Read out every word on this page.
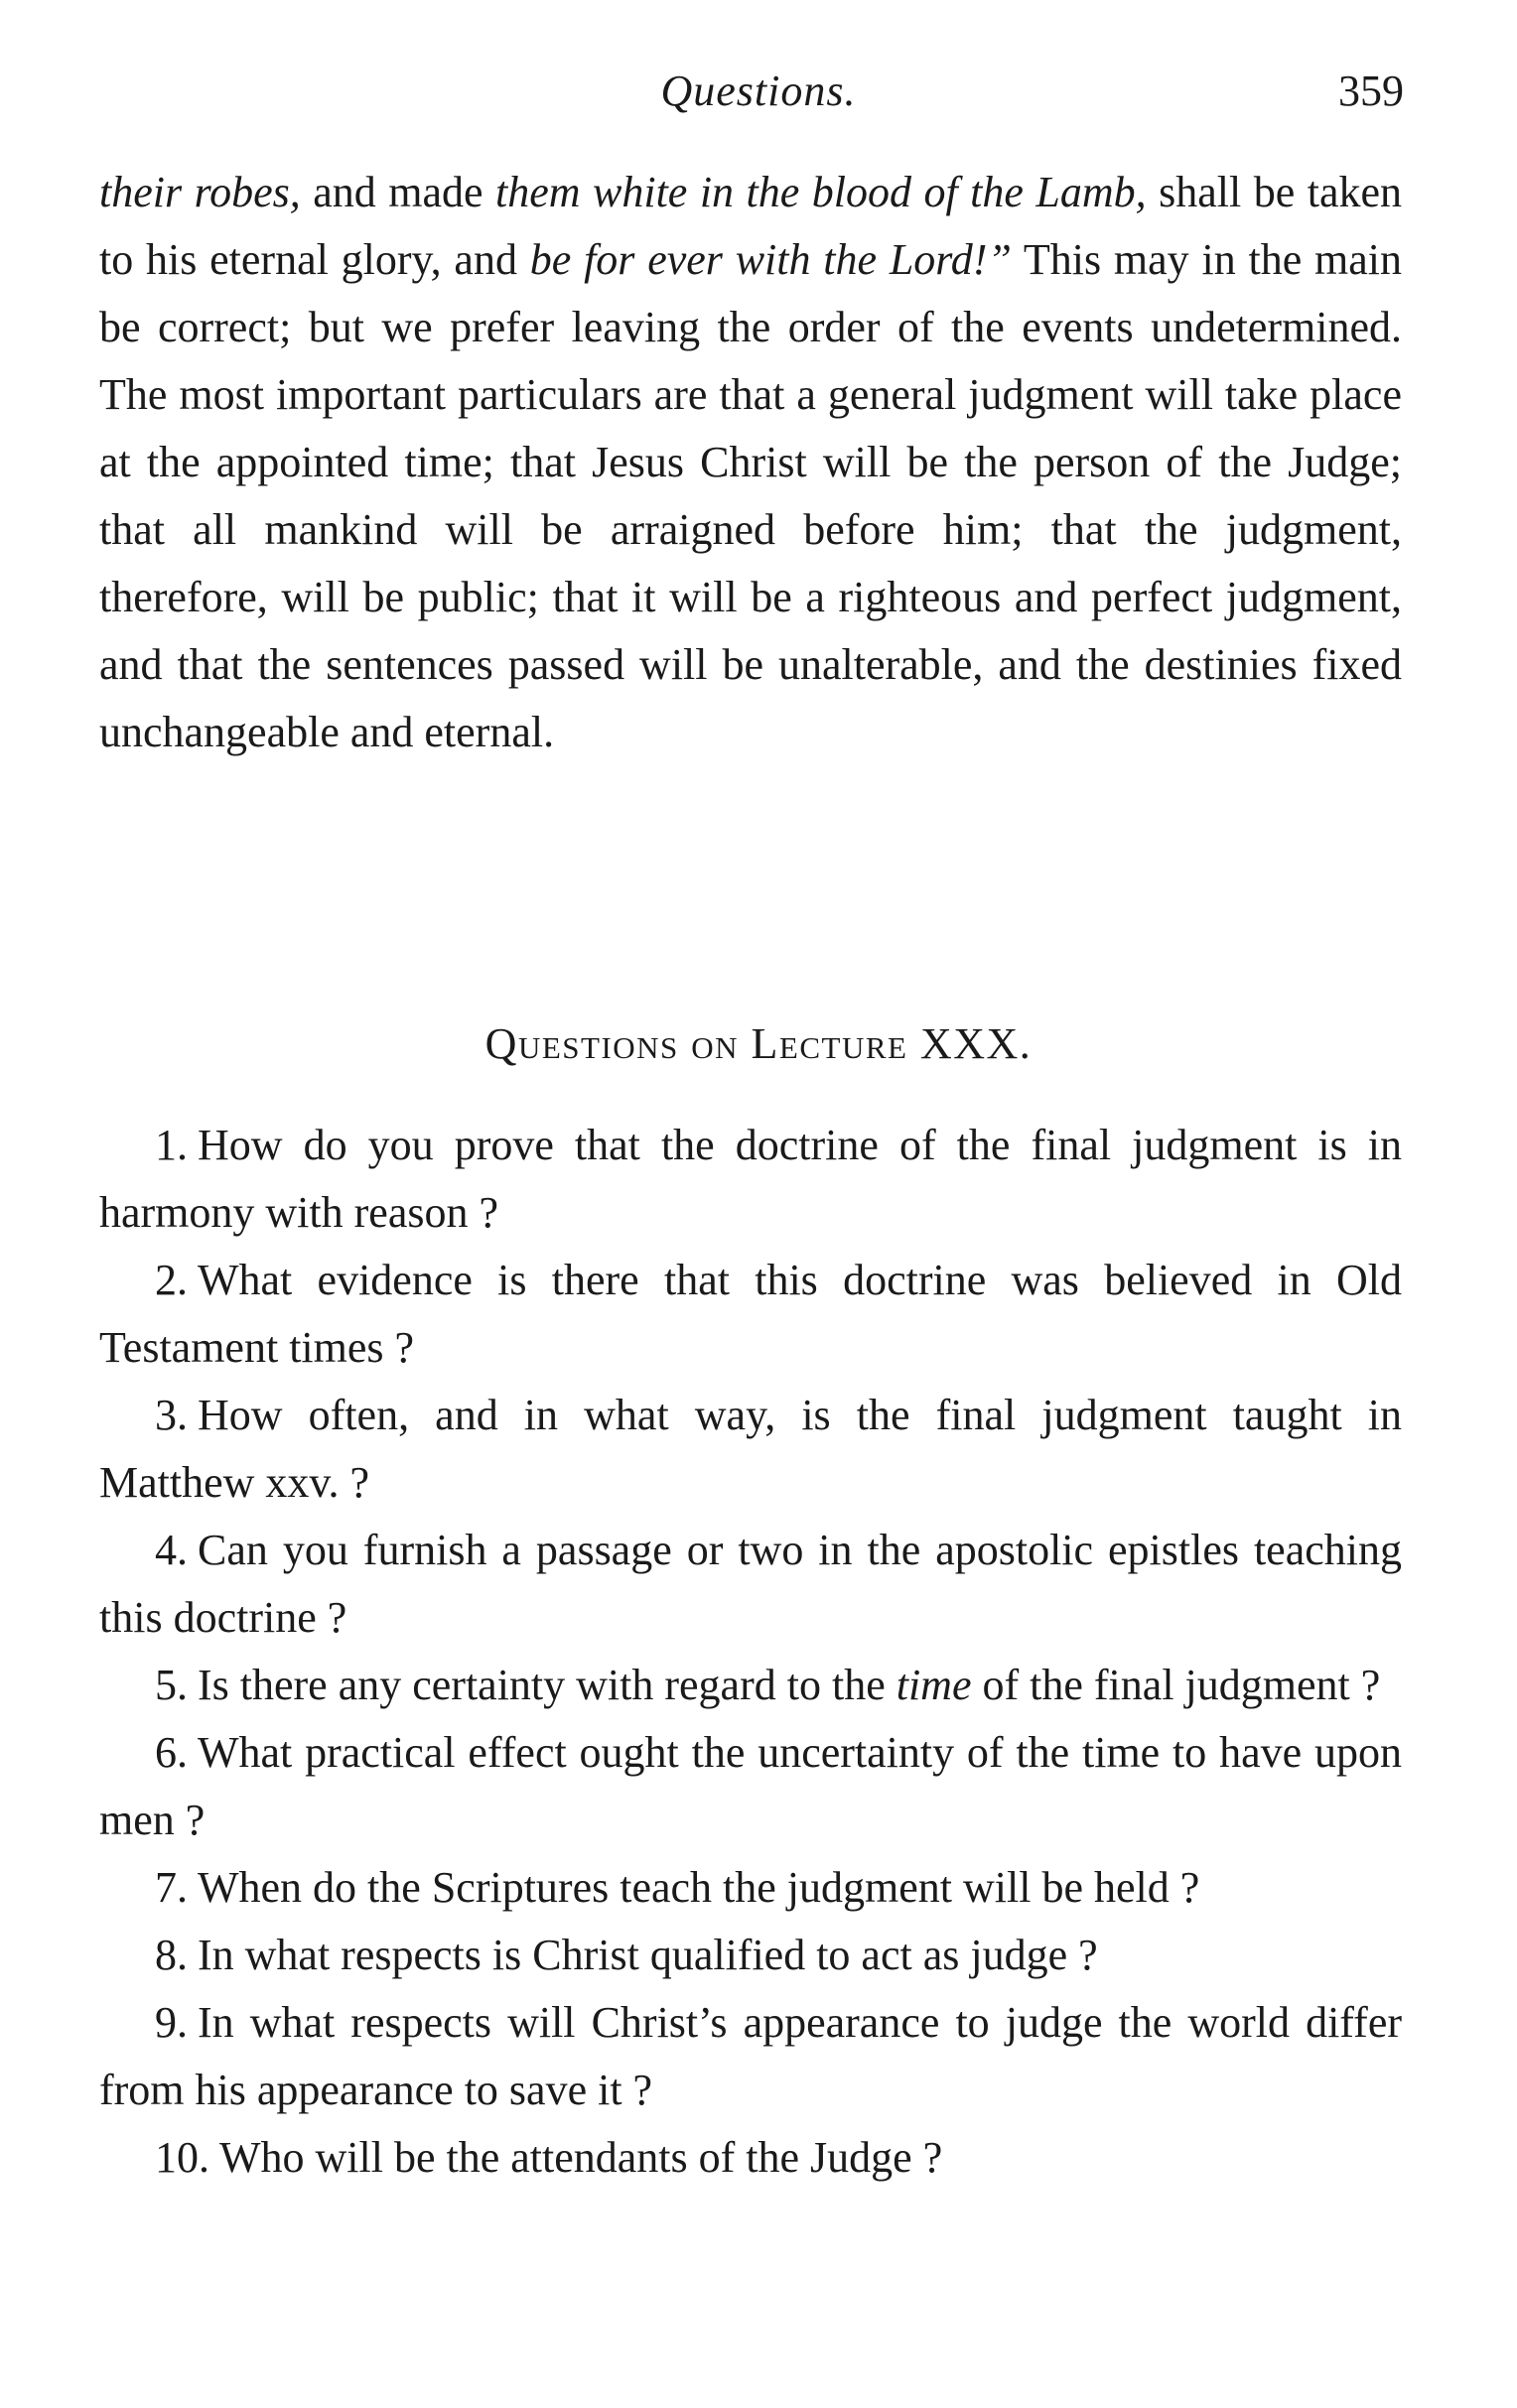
Questions.	359

their robes, and made them white in the blood of the Lamb, shall be taken to his eternal glory, and be for ever with the Lord!” This may in the main be correct; but we prefer leaving the order of the events undetermined. The most important particulars are that a general judgment will take place at the appointed time; that Jesus Christ will be the person of the Judge; that all mankind will be arraigned before him; that the judgment, therefore, will be public; that it will be a righteous and perfect judgment, and that the sentences passed will be unalterable, and the destinies fixed unchangeable and eternal.

Questions on Lecture XXX.
1. How do you prove that the doctrine of the final judgment is in harmony with reason ?
2. What evidence is there that this doctrine was believed in Old Testament times ?
3. How often, and in what way, is the final judgment taught in Matthew xxv. ?
4. Can you furnish a passage or two in the apostolic epistles teaching this doctrine ?
5. Is there any certainty with regard to the time of the final judgment ?
6. What practical effect ought the uncertainty of the time to have upon men ?
7. When do the Scriptures teach the judgment will be held ?
8. In what respects is Christ qualified to act as judge ?
9. In what respects will Christ’s appearance to judge the world differ from his appearance to save it ?
10. Who will be the attendants of the Judge ?
